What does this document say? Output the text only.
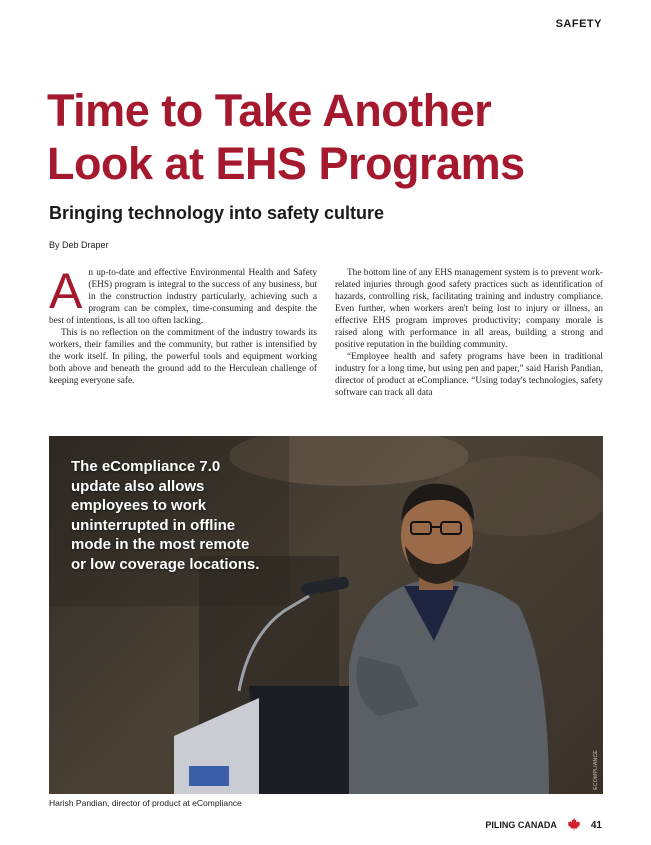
SAFETY
Time to Take Another Look at EHS Programs
Bringing technology into safety culture
By Deb Draper

An up-to-date and effective Environmental Health and Safety (EHS) program is integral to the success of any business, but in the construction industry particularly, achieving such a program can be complex, time-consuming and despite the best of intentions, is all too often lacking.

This is no reflection on the commitment of the industry towards its workers, their families and the community, but rather is intensified by the work itself. In piling, the powerful tools and equipment working both above and beneath the ground add to the Herculean challenge of keeping everyone safe.

The bottom line of any EHS management system is to prevent work-related injuries through good safety practices such as identification of hazards, controlling risk, facilitating training and industry compliance. Even further, when workers aren't being lost to injury or illness, an effective EHS program improves productivity; company morale is raised along with performance in all areas, building a strong and positive reputation in the building community.

“Employee health and safety programs have been in traditional industry for a long time, but using pen and paper,” said Harish Pandian, director of product at eCompliance. “Using today's technologies, safety software can track all data

The eCompliance 7.0 update also allows employees to work uninterrupted in offline mode in the most remote or low coverage locations.

ECOMPLIANCE
Harish Pandian, director of product at eCompliance
PILING CANADA	41
